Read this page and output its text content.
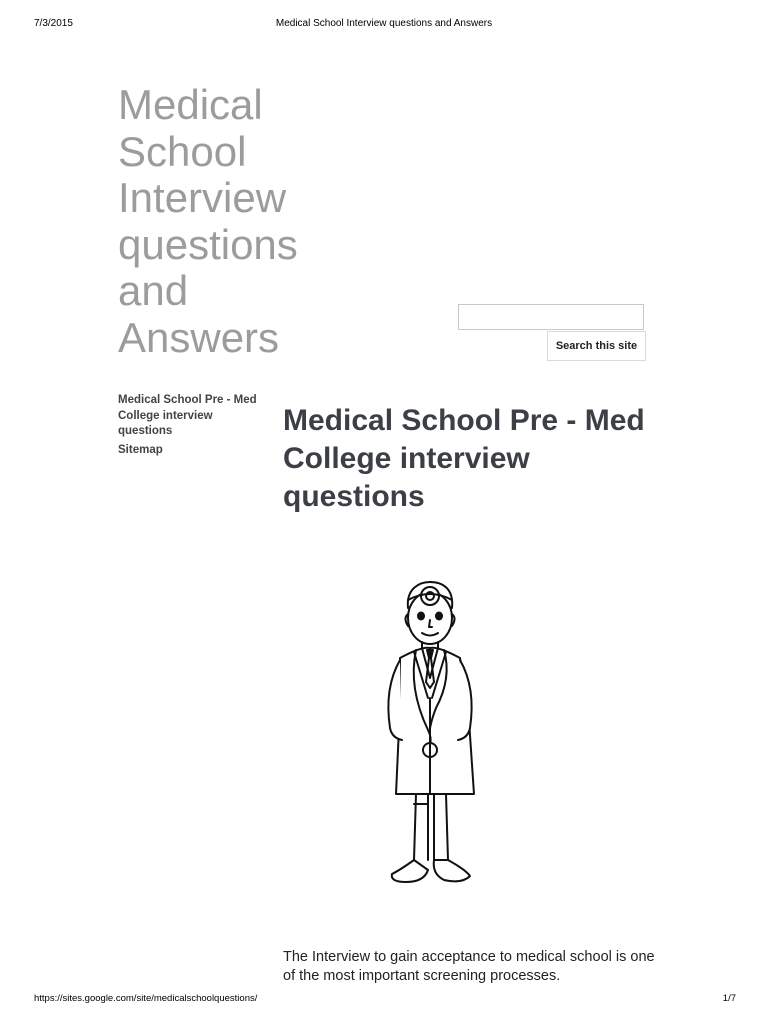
7/3/2015	Medical School Interview questions and Answers
Medical School Interview questions and Answers	Search this site
Medical School Pre - Med College interview questions
Sitemap
Medical School Pre - Med College interview questions

The Interview to gain acceptance to medical school is one of the most important screening processes.

https://sites.google.com/site/medicalschoolquestions/	1/7
